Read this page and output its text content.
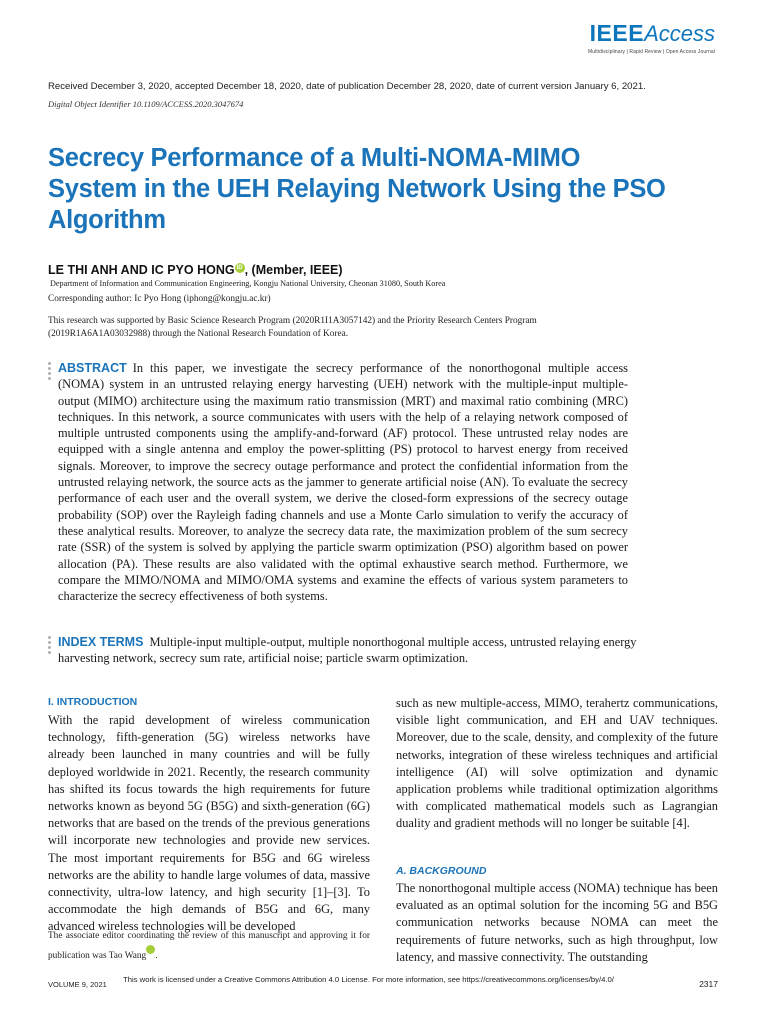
IEEEAccess
Multidisciplinary | Rapid Review | Open Access Journal
Received December 3, 2020, accepted December 18, 2020, date of publication December 28, 2020, date of current version January 6, 2021.
Digital Object Identifier 10.1109/ACCESS.2020.3047674
Secrecy Performance of a Multi-NOMA-MIMO System in the UEH Relaying Network Using the PSO Algorithm
LE THI ANH AND IC PYO HONG iD , (Member, IEEE)
Department of Information and Communication Engineering, Kongju National University, Cheonan 31080, South Korea
Corresponding author: Ic Pyo Hong (iphong@kongju.ac.kr)
This research was supported by Basic Science Research Program (2020R1I1A3057142) and the Priority Research Centers Program (2019R1A6A1A03032988) through the National Research Foundation of Korea.
ABSTRACT In this paper, we investigate the secrecy performance of the nonorthogonal multiple access (NOMA) system in an untrusted relaying energy harvesting (UEH) network with the multiple-input multiple-output (MIMO) architecture using the maximum ratio transmission (MRT) and maximal ratio combining (MRC) techniques. In this network, a source communicates with users with the help of a relaying network composed of multiple untrusted components using the amplify-and-forward (AF) protocol. These untrusted relay nodes are equipped with a single antenna and employ the power-splitting (PS) protocol to harvest energy from received signals. Moreover, to improve the secrecy outage performance and protect the confidential information from the untrusted relaying network, the source acts as the jammer to generate artificial noise (AN). To evaluate the secrecy performance of each user and the overall system, we derive the closed-form expressions of the secrecy outage probability (SOP) over the Rayleigh fading channels and use a Monte Carlo simulation to verify the accuracy of these analytical results. Moreover, to analyze the secrecy data rate, the maximization problem of the sum secrecy rate (SSR) of the system is solved by applying the particle swarm optimization (PSO) algorithm based on power allocation (PA). These results are also validated with the optimal exhaustive search method. Furthermore, we compare the MIMO/NOMA and MIMO/OMA systems and examine the effects of various system parameters to characterize the secrecy effectiveness of both systems.
INDEX TERMS Multiple-input multiple-output, multiple nonorthogonal multiple access, untrusted relaying energy harvesting network, secrecy sum rate, artificial noise; particle swarm optimization.
I. INTRODUCTION
With the rapid development of wireless communication technology, fifth-generation (5G) wireless networks have already been launched in many countries and will be fully deployed worldwide in 2021. Recently, the research community has shifted its focus towards the high requirements for future networks known as beyond 5G (B5G) and sixth-generation (6G) networks that are based on the trends of the previous generations will incorporate new technologies and provide new services. The most important requirements for B5G and 6G wireless networks are the ability to handle large volumes of data, massive connectivity, ultra-low latency, and high security [1]–[3]. To accommodate the high demands of B5G and 6G, many advanced wireless technologies will be developed
The associate editor coordinating the review of this manuscript and approving it for publication was Tao Wang .
such as new multiple-access, MIMO, terahertz communications, visible light communication, and EH and UAV techniques. Moreover, due to the scale, density, and complexity of the future networks, integration of these wireless techniques and artificial intelligence (AI) will solve optimization and dynamic application problems while traditional optimization algorithms with complicated mathematical models such as Lagrangian duality and gradient methods will no longer be suitable [4].
A. BACKGROUND
The nonorthogonal multiple access (NOMA) technique has been evaluated as an optimal solution for the incoming 5G and B5G communication networks because NOMA can meet the requirements of future networks, such as high throughput, low latency, and massive connectivity. The outstanding
VOLUME 9, 2021
This work is licensed under a Creative Commons Attribution 4.0 License. For more information, see https://creativecommons.org/licenses/by/4.0/	2317
